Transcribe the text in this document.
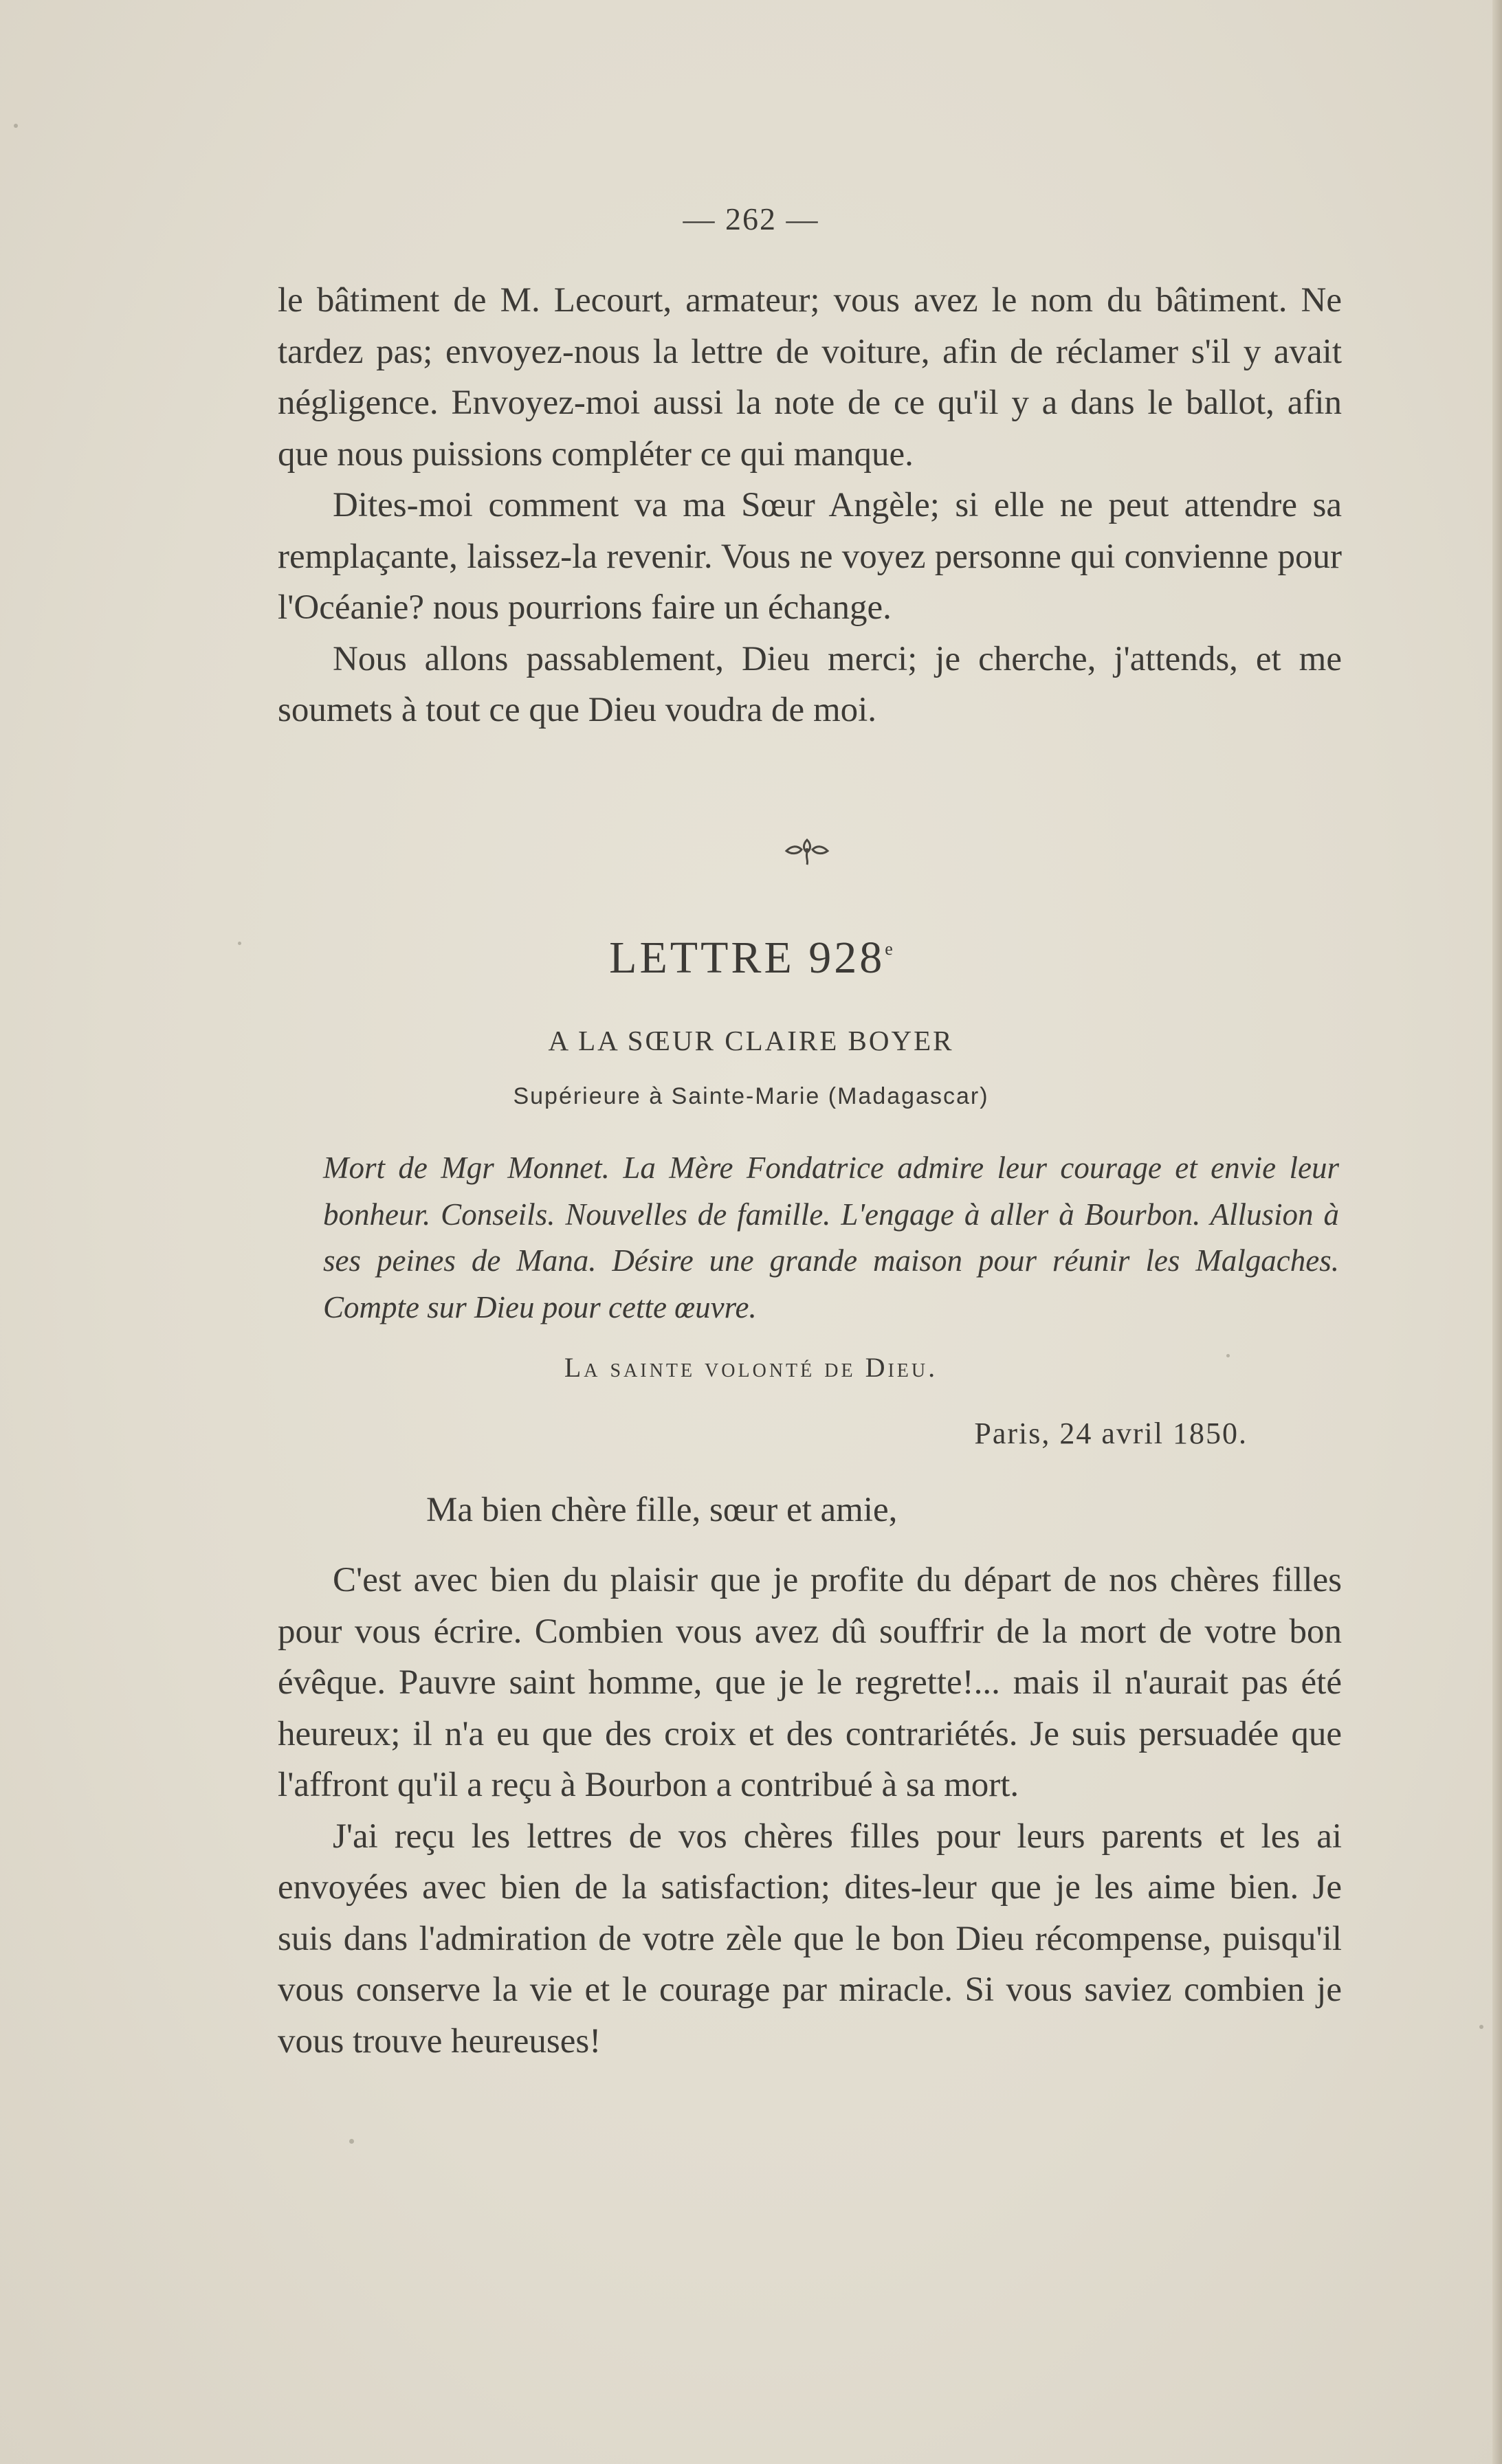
— 262 —

le bâtiment de M. Lecourt, armateur; vous avez le nom du bâtiment. Ne tardez pas; envoyez-nous la lettre de voiture, afin de réclamer s'il y avait négligence. Envoyez-moi aussi la note de ce qu'il y a dans le ballot, afin que nous puissions compléter ce qui manque.

Dites-moi comment va ma Sœur Angèle; si elle ne peut attendre sa remplaçante, laissez-la revenir. Vous ne voyez personne qui convienne pour l'Océanie? nous pourrions faire un échange.

Nous allons passablement, Dieu merci; je cherche, j'attends, et me soumets à tout ce que Dieu voudra de moi.

LETTRE 928e
A LA SŒUR CLAIRE BOYER
Supérieure à Sainte-Marie (Madagascar)

Mort de Mgr Monnet. La Mère Fondatrice admire leur courage et envie leur bonheur. Conseils. Nouvelles de famille. L'engage à aller à Bourbon. Allusion à ses peines de Mana. Désire une grande maison pour réunir les Malgaches. Compte sur Dieu pour cette œuvre.

La sainte volonté de Dieu.
Paris, 24 avril 1850.
Ma bien chère fille, sœur et amie,

C'est avec bien du plaisir que je profite du départ de nos chères filles pour vous écrire. Combien vous avez dû souffrir de la mort de votre bon évêque. Pauvre saint homme, que je le regrette!... mais il n'aurait pas été heureux; il n'a eu que des croix et des contrariétés. Je suis persuadée que l'affront qu'il a reçu à Bourbon a contribué à sa mort.

J'ai reçu les lettres de vos chères filles pour leurs parents et les ai envoyées avec bien de la satisfaction; dites-leur que je les aime bien. Je suis dans l'admiration de votre zèle que le bon Dieu récompense, puisqu'il vous conserve la vie et le courage par miracle. Si vous saviez combien je vous trouve heureuses!
